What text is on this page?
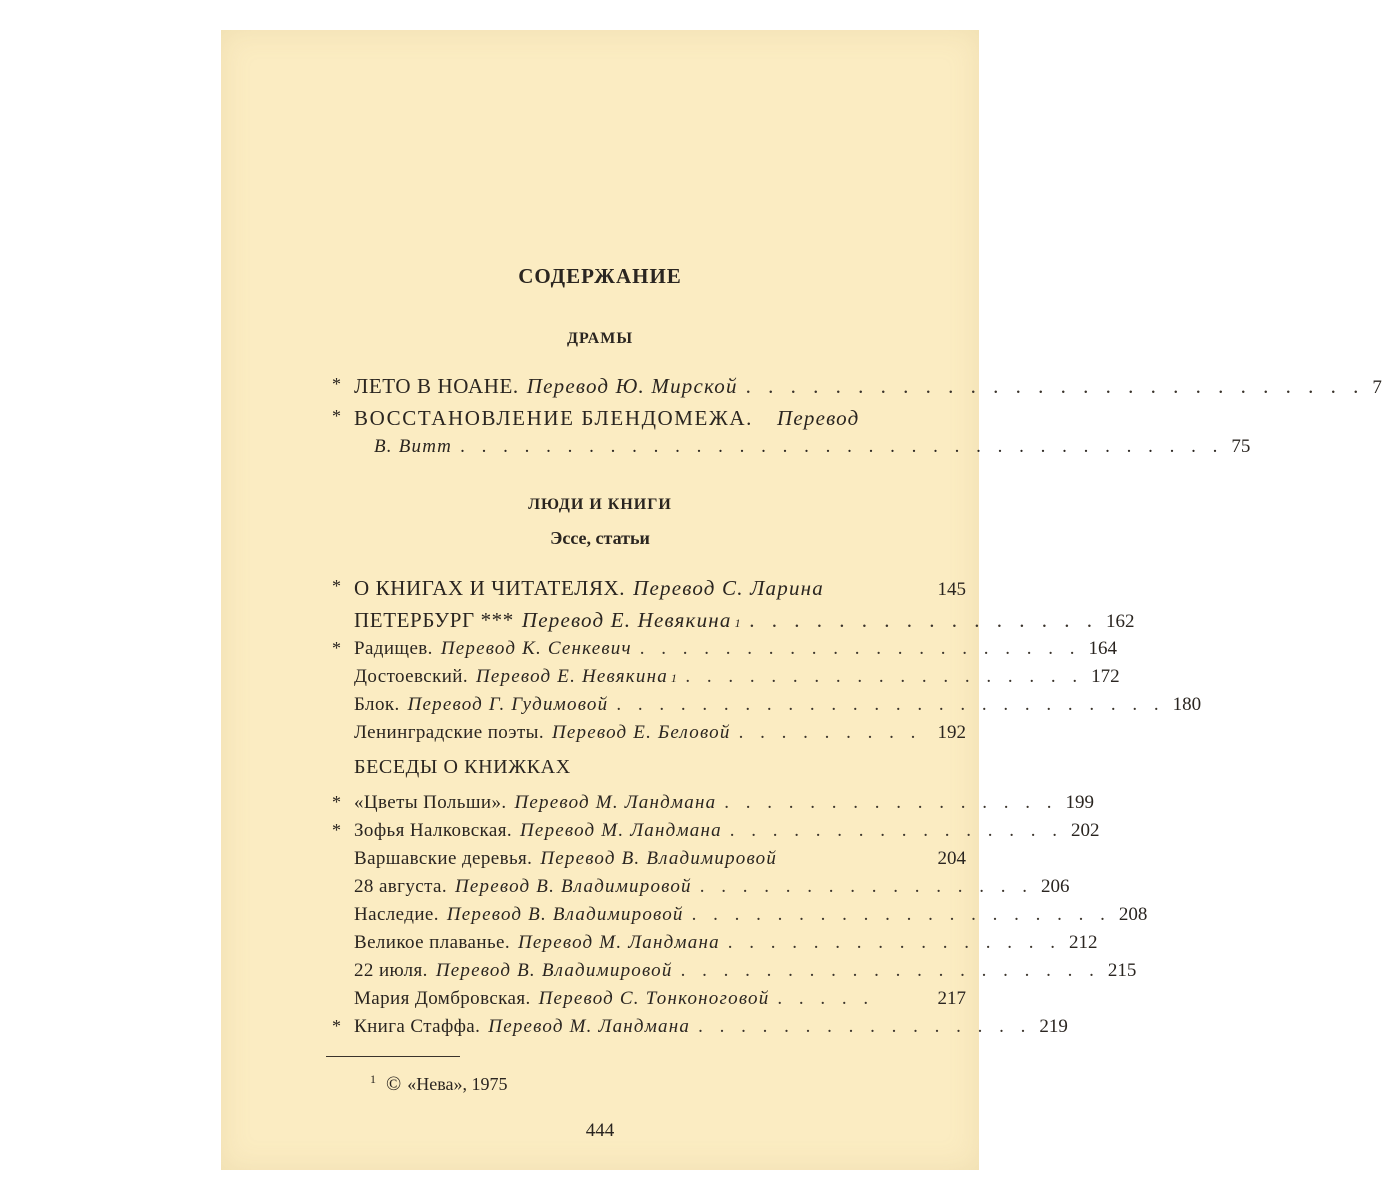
СОДЕРЖАНИЕ
ДРАМЫ
* ЛЕТО В НОАНЕ. Перевод Ю. Мирской . . . . . . . . . . . . . . . . . . . . . . . . . . . . 7
* ВОССТАНОВЛЕНИЕ БЛЕНДОМЕЖА. Перевод
В. Витт . . . . . . . . . . . . . . . . . . . . . . . . . . . . . . . . . . . . 75
ЛЮДИ И КНИГИ
Эссе, статьи
* О КНИГАХ И ЧИТАТЕЛЯХ. Перевод С. Ларина	145
ПЕТЕРБУРГ *** Перевод Е. Невякина 1 . . . . . . . . . . . . . . . . 162
* Радищев. Перевод К. Сенкевич . . . . . . . . . . . . . . . . . . . . . 164
Достоевский. Перевод Е. Невякина 1 . . . . . . . . . . . . . . . . . . . 172
Блок. Перевод Г. Гудимовой . . . . . . . . . . . . . . . . . . . . . . . . . . 180
Ленинградские поэты. Перевод Е. Беловой . . . . . . . . . 192
БЕСЕДЫ О КНИЖКАХ
* «Цветы Польши». Перевод М. Ландмана . . . . . . . . . . . . . . . . 199
* Зофья Налковская. Перевод М. Ландмана . . . . . . . . . . . . . . . . 202
Варшавские деревья. Перевод В. Владимировой	204
28 августа. Перевод В. Владимировой . . . . . . . . . . . . . . . . 206
Наследие. Перевод В. Владимировой . . . . . . . . . . . . . . . . . . . . 208
Великое плаванье. Перевод М. Ландмана . . . . . . . . . . . . . . . . 212
22 июля. Перевод В. Владимировой . . . . . . . . . . . . . . . . . . . . 215
Мария Домбровская. Перевод С. Тонконоговой . . . . .	217
* Книга Стаффа. Перевод М. Ландмана . . . . . . . . . . . . . . . . 219
$^1$ © «Нева», 1975
444
